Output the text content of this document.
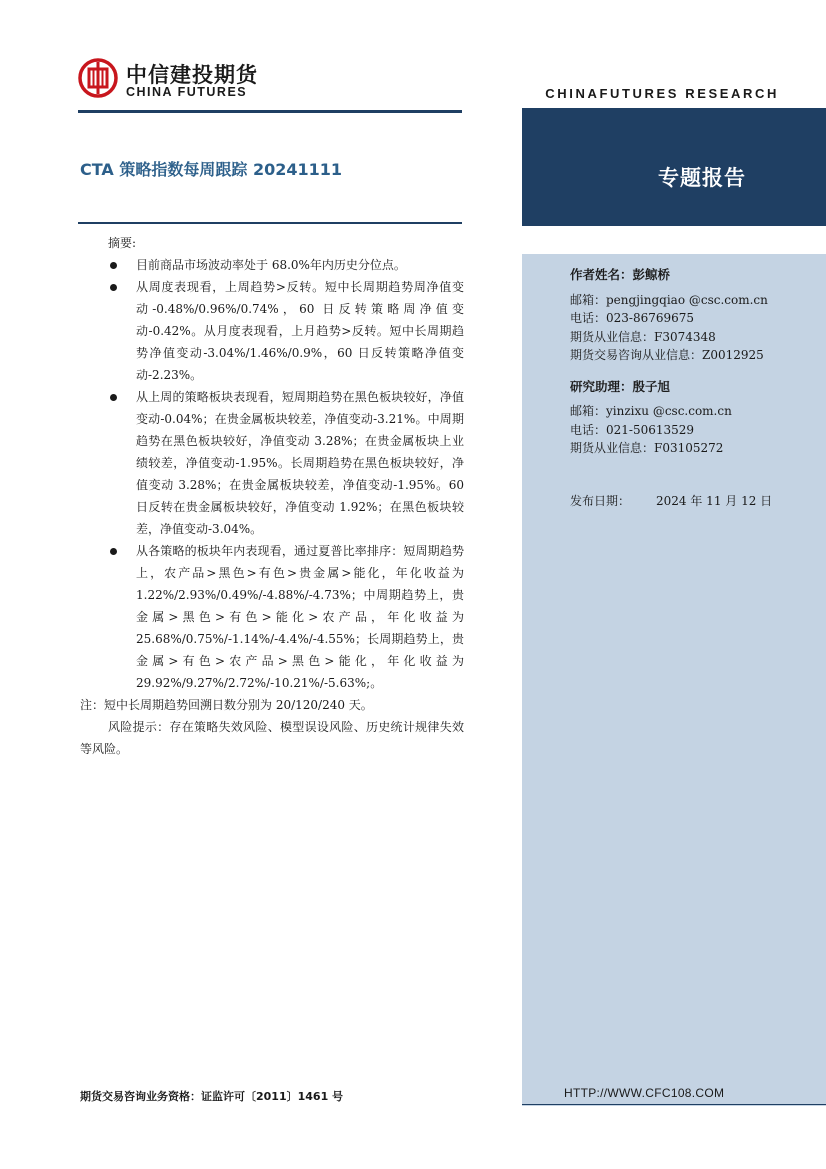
中信建投期货
CHINA FUTURES	CHINAFUTURES RESEARCH
CTA 策略指数每周跟踪 20241111	专题报告
摘要:
目前商品市场波动率处于 68.0%年内历史分位点。
从周度表现看，上周趋势>反转。短中长周期趋势周净值变动-0.48%/0.96%/0.74%，60 日反转策略周净值变动-0.42%。从月度表现看，上月趋势>反转。短中长周期趋势净值变动-3.04%/1.46%/0.9%，60 日反转策略净值变动-2.23%。
从上周的策略板块表现看，短周期趋势在黑色板块较好，净值变动-0.04%；在贵金属板块较差，净值变动-3.21%。中周期趋势在黑色板块较好，净值变动 3.28%；在贵金属板块上业绩较差，净值变动-1.95%。长周期趋势在黑色板块较好，净值变动 3.28%；在贵金属板块较差，净值变动-1.95%。60 日反转在贵金属板块较好，净值变动 1.92%；在黑色板块较差，净值变动-3.04%。
从各策略的板块年内表现看，通过夏普比率排序：短周期趋势上，农产品>黑色>有色>贵金属>能化，年化收益为 1.22%/2.93%/0.49%/-4.88%/-4.73%；中周期趋势上，贵金属>黑色>有色>能化>农产品，年化收益为 25.68%/0.75%/-1.14%/-4.4%/-4.55%；长周期趋势上，贵金属>有色>农产品>黑色>能化，年化收益为 29.92%/9.27%/2.72%/-10.21%/-5.63%;。
注：短中长周期趋势回溯日数分别为 20/120/240 天。
风险提示：存在策略失效风险、模型误设风险、历史统计规律失效等风险。
作者姓名：彭鲸桥
邮箱：pengjingqiao @csc.com.cn
电话：023-86769675
期货从业信息：F3074348
期货交易咨询从业信息：Z0012925
研究助理：殷子旭
邮箱：yinzixu @csc.com.cn
电话：021-50613529
期货从业信息：F03105272
发布日期： 2024 年 11 月 12 日
期货交易咨询业务资格：证监许可〔2011〕1461 号	HTTP://WWW.CFC108.COM
